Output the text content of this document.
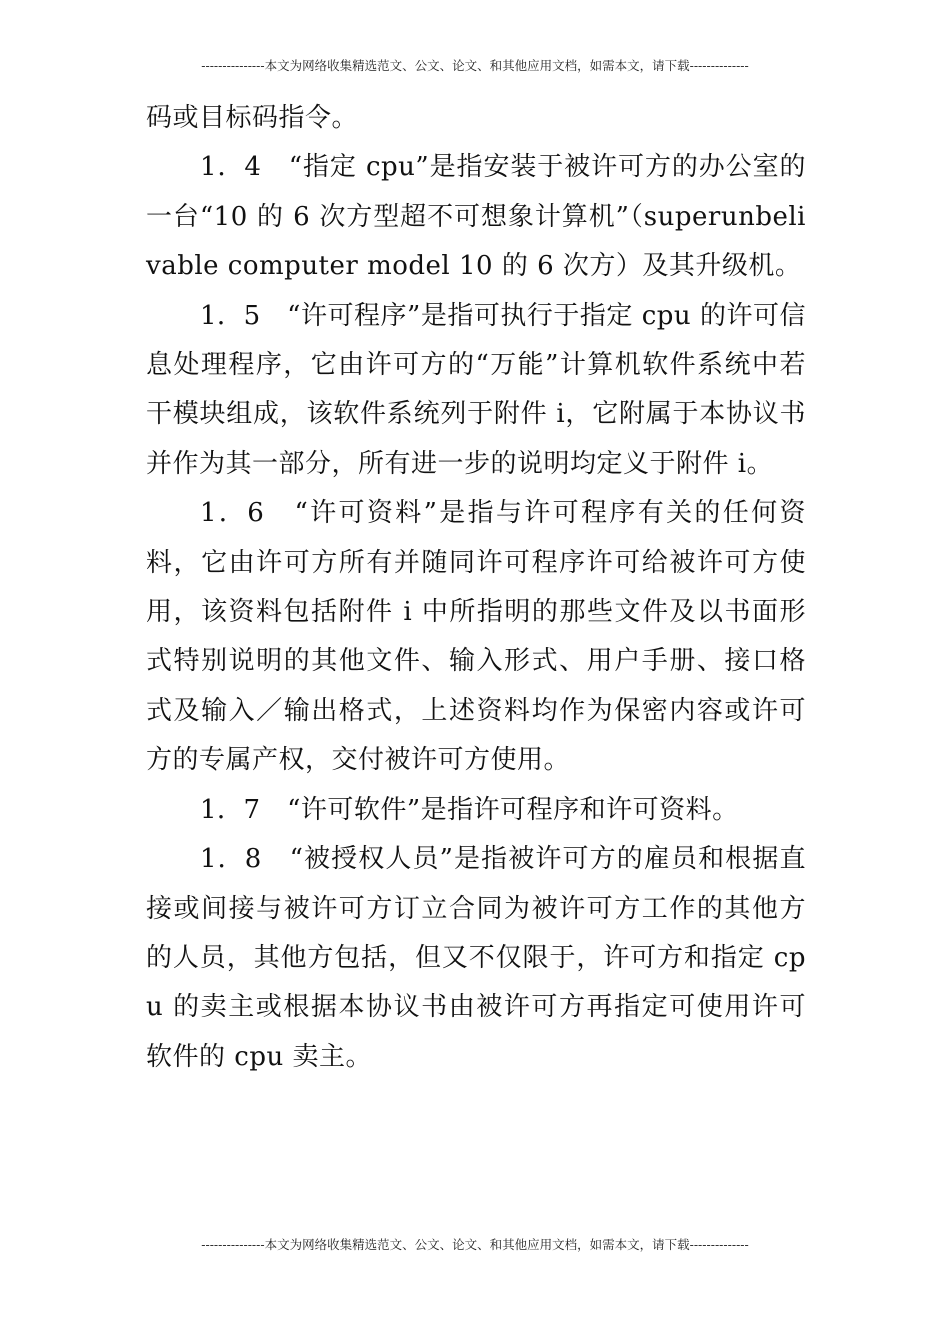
---------------本文为网络收集精选范文、公文、论文、和其他应用文档，如需本文，请下载--------------

码或目标码指令。

1．4　“指定 cpu”是指安装于被许可方的办公室的一台“10 的 6 次方型超不可想象计算机”（superunbelivable computer model 10 的 6 次方）及其升级机。

1．5　“许可程序”是指可执行于指定 cpu 的许可信息处理程序，它由许可方的“万能”计算机软件系统中若干模块组成，该软件系统列于附件 i，它附属于本协议书并作为其一部分，所有进一步的说明均定义于附件 i。

1．6　“许可资料”是指与许可程序有关的任何资料，它由许可方所有并随同许可程序许可给被许可方使用，该资料包括附件 i 中所指明的那些文件及以书面形式特别说明的其他文件、输入形式、用户手册、接口格式及输入／输出格式，上述资料均作为保密内容或许可方的专属产权，交付被许可方使用。

1．7　“许可软件”是指许可程序和许可资料。

1．8　“被授权人员”是指被许可方的雇员和根据直接或间接与被许可方订立合同为被许可方工作的其他方的人员，其他方包括，但又不仅限于，许可方和指定 cpu 的卖主或根据本协议书由被许可方再指定可使用许可软件的 cpu 卖主。

---------------本文为网络收集精选范文、公文、论文、和其他应用文档，如需本文，请下载--------------
